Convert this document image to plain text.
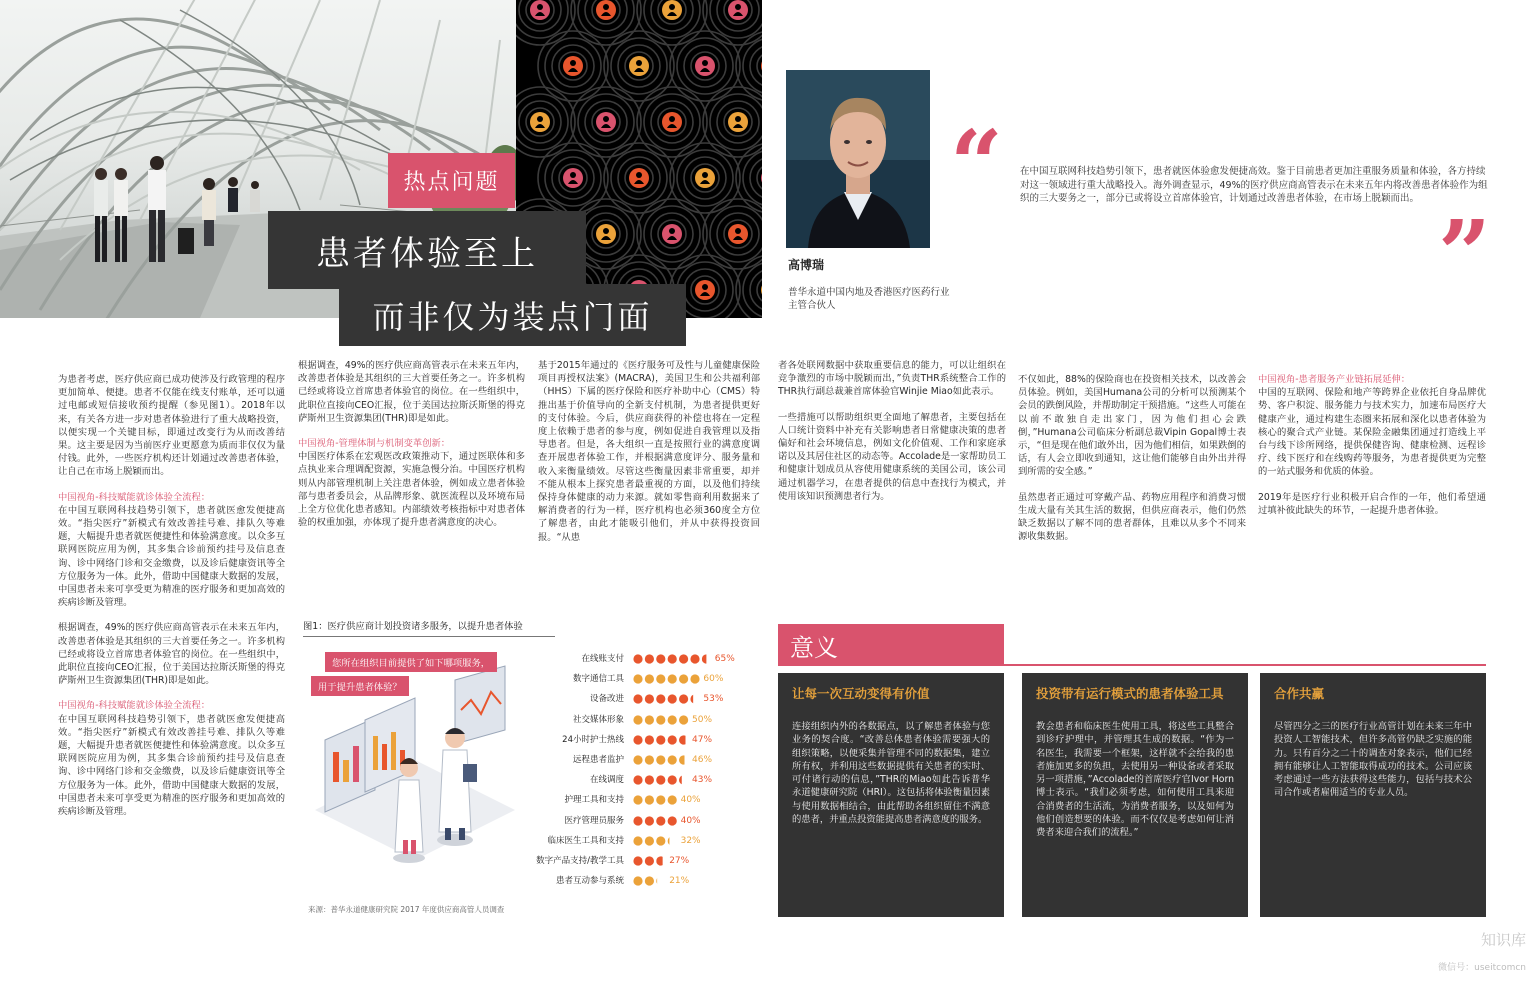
热点问题
患者体验至上
而非仅为装点门面
高博瑞
普华永道中国内地及香港医疗医药行业主管合伙人
“
”
在中国互联网科技趋势引领下，患者就医体验愈发便捷高效。鉴于目前患者更加注重服务质量和体验，各方持续对这一领域进行重大战略投入。海外调查显示，49%的医疗供应商高管表示在未来五年内将改善患者体验作为组织的三大要务之一，部分已或将设立首席体验官，计划通过改善患者体验，在市场上脱颖而出。

为患者考虑，医疗供应商已成功使涉及行政管理的程序更加简单、便捷。患者不仅能在线支付账单，还可以通过电邮或短信接收预约提醒（参见图1）。2018年以来，有关各方进一步对患者体验进行了重大战略投资，以便实现一个关键目标，即通过改变行为从而改善结果。这主要是因为当前医疗业更愿意为质而非仅仅为量付钱。此外，一些医疗机构还计划通过改善患者体验，让自己在市场上脱颖而出。

中国视角-科技赋能就诊体验全流程：
在中国互联网科技趋势引领下，患者就医愈发便捷高效。“指尖医疗”新模式有效改善挂号难、排队久等难题，大幅提升患者就医便捷性和体验满意度。以众多互联网医院应用为例，其多集合诊前预约挂号及信息查询、诊中网络门诊和交金缴费，以及诊后健康资讯等全方位服务为一体。此外，借助中国健康大数据的发展，中国患者未来可享受更为精准的医疗服务和更加高效的疾病诊断及管理。

根据调查，49%的医疗供应商高管表示在未来五年内，改善患者体验是其组织的三大首要任务之一。许多机构已经或将设立首席患者体验官的岗位。在一些组织中，此职位直接向CEO汇报，位于美国达拉斯沃斯堡的得克萨斯州卫生资源集团(THR)即是如此。

中国视角-科技赋能就诊体验全流程：
在中国互联网科技趋势引领下，患者就医愈发便捷高效。“指尖医疗”新模式有效改善挂号难、排队久等难题，大幅提升患者就医便捷性和体验满意度。以众多互联网医院应用为例，其多集合诊前预约挂号及信息查询、诊中网络门诊和交金缴费，以及诊后健康资讯等全方位服务为一体。此外，借助中国健康大数据的发展，中国患者未来可享受更为精准的医疗服务和更加高效的疾病诊断及管理。

根据调查，49%的医疗供应商高管表示在未来五年内，改善患者体验是其组织的三大首要任务之一。许多机构已经或将设立首席患者体验官的岗位。在一些组织中，此职位直接向CEO汇报，位于美国达拉斯沃斯堡的得克萨斯州卫生资源集团(THR)即是如此。

中国视角-管理体制与机制变革创新：
中国医疗体系在宏观医改政策推动下，通过医联体和多点执业来合理调配资源，实施急慢分治。中国医疗机构则从内部管理机制上关注患者体验，例如成立患者体验部与患者委员会，从品牌形象、就医流程以及环境布局上全方位优化患者感知。内部绩效考核指标中对患者体验的权重加强，亦体现了提升患者满意度的决心。

基于2015年通过的《医疗服务可及性与儿童健康保险项目再授权法案》(MACRA)，美国卫生和公共福利部（HHS）下属的医疗保险和医疗补助中心（CMS）特推出基于价值导向的全新支付机制，为患者提供更好的支付体验。今后，供应商获得的补偿也将在一定程度上依赖于患者的参与度，例如促进自我管理以及指导患者。但是，各大组织一直是按照行业的满意度调查开展患者体验工作，并根据满意度评分、服务量和收入来衡量绩效。尽管这些衡量因素非常重要，却并不能从根本上探究患者最重视的方面，以及他们持续保持身体健康的动力来源。就如零售商利用数据来了解消费者的行为一样，医疗机构也必须360度全方位了解患者，由此才能吸引他们，并从中获得投资回报。“从患

者各处联网数据中获取重要信息的能力，可以让组织在竞争激烈的市场中脱颖而出，”负责THR系统整合工作的THR执行副总裁兼首席体验官Winjie Miao如此表示。

一些措施可以帮助组织更全面地了解患者，主要包括在人口统计资料中补充有关影响患者日常健康决策的患者偏好和社会环境信息，例如文化价值观、工作和家庭承诺以及其居住社区的动态等。Accolade是一家帮助员工和健康计划成员从容使用健康系统的美国公司，该公司通过机器学习，在患者提供的信息中查找行为模式，并使用该知识预测患者行为。

不仅如此，88%的保险商也在投资相关技术，以改善会员体验。例如，美国Humana公司的分析可以预测某个会员的跌倒风险，并帮助制定干预措施。“这些人可能在以前不敢独自走出家门，因为他们担心会跌倒，”Humana公司临床分析副总裁Vipin Gopal博士表示，“但是现在他们敢外出，因为他们相信，如果跌倒的话，有人会立即收到通知，这让他们能够自由外出并得到所需的安全感。”

虽然患者正通过可穿戴产品、药物应用程序和消费习惯生成大量有关其生活的数据，但供应商表示，他们仍然缺乏数据以了解不同的患者群体，且难以从多个不同来源收集数据。

中国视角-患者服务产业链拓展延伸：
中国的互联网、保险和地产等跨界企业依托自身品牌优势、客户积淀、服务能力与技术实力，加速布局医疗大健康产业，通过构建生态圈来拓展和深化以患者体验为核心的聚合式产业链。某保险金融集团通过打造线上平台与线下诊所网络，提供保健咨询、健康检测、远程诊疗、线下医疗和在线购药等服务，为患者提供更为完整的一站式服务和优质的体验。

2019年是医疗行业积极开启合作的一年，他们希望通过填补彼此缺失的环节，一起提升患者体验。

图1：医疗供应商计划投资诸多服务，以提升患者体验
您所在组织目前提供了如下哪项服务，
用于提升患者体验？
在线账支付	65%
数字通信工具	60%
设备改进	53%
社交媒体形象	50%
24小时护士热线	47%
远程患者监护	46%
在线调度	43%
护理工具和支持	40%
医疗管理员服务	40%
临床医生工具和支持	32%
数字产品支持/教学工具	27%
患者互动参与系统	21%
来源：普华永道健康研究院 2017 年度供应商高管人员调查
意义
让每一次互动变得有价值
连接组织内外的各数据点，以了解患者体验与您业务的契合度。“改善总体患者体验需要强大的组织策略，以便采集并管理不同的数据集，建立所有权，并利用这些数据提供有关患者的实时、可付诸行动的信息，”THR的Miao如此告诉普华永道健康研究院（HRI）。这包括将体验衡量因素与使用数据相结合，由此帮助各组织留住不满意的患者，并重点投资能提高患者满意度的服务。
投资带有运行模式的患者体验工具
教会患者和临床医生使用工具，将这些工具整合到诊疗护理中，并管理其生成的数据。“作为一名医生，我需要一个框架，这样就不会给我的患者施加更多的负担，去使用另一种设备或者采取另一项措施，”Accolade的首席医疗官Ivor Horn博士表示。“我们必须考虑，如何使用工具来迎合消费者的生活流，为消费者服务，以及如何为他们创造想要的体验。而不仅仅是考虑如何让消费者来迎合我们的流程。”
合作共赢
尽管四分之三的医疗行业高管计划在未来三年中投资人工智能技术，但许多高管仍缺乏实施的能力。只有百分之二十的调查对象表示，他们已经拥有能够让人工智能取得成功的技术。公司应该考虑通过一些方法获得这些能力，包括与技术公司合作或者雇佣适当的专业人员。
知识库
微信号：useitcomcn
